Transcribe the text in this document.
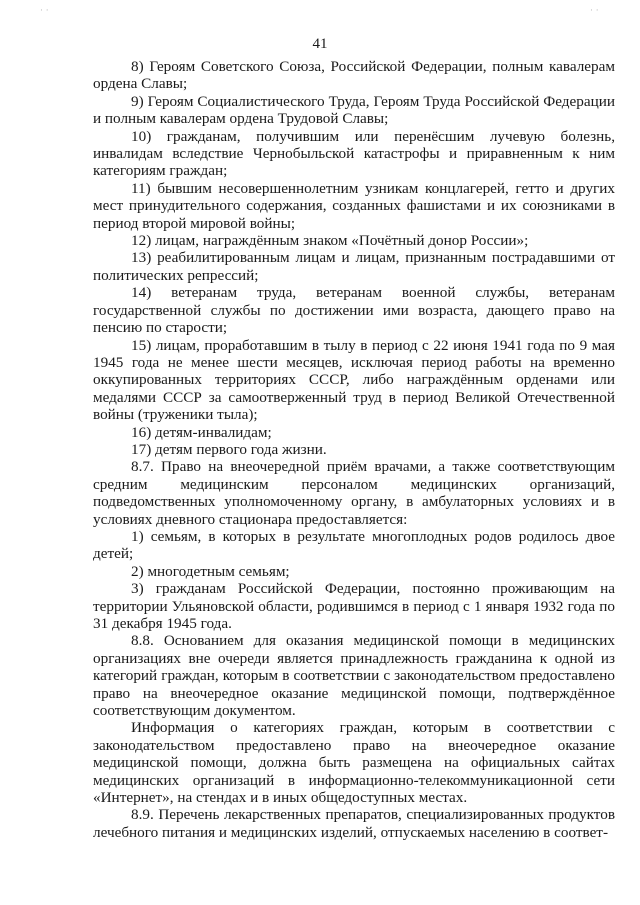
· ·	· ·
41

8) Героям Советского Союза, Российской Федерации, полным кавалерам ордена Славы;

9) Героям Социалистического Труда, Героям Труда Российской Федерации и полным кавалерам ордена Трудовой Славы;

10) гражданам, получившим или перенёсшим лучевую болезнь, инвалидам вследствие Чернобыльской катастрофы и приравненным к ним категориям граждан;

11) бывшим несовершеннолетним узникам концлагерей, гетто и других мест принудительного содержания, созданных фашистами и их союзниками в период второй мировой войны;

12) лицам, награждённым знаком «Почётный донор России»;

13) реабилитированным лицам и лицам, признанным пострадавшими от политических репрессий;

14) ветеранам труда, ветеранам военной службы, ветеранам государственной службы по достижении ими возраста, дающего право на пенсию по старости;

15) лицам, проработавшим в тылу в период с 22 июня 1941 года по 9 мая 1945 года не менее шести месяцев, исключая период работы на временно оккупированных территориях СССР, либо награждённым орденами или медалями СССР за самоотверженный труд в период Великой Отечественной войны (труженики тыла);

16) детям-инвалидам;

17) детям первого года жизни.

8.7. Право на внеочередной приём врачами, а также соответствующим средним медицинским персоналом медицинских организаций, подведомственных уполномоченному органу, в амбулаторных условиях и в условиях дневного стационара предоставляется:

1) семьям, в которых в результате многоплодных родов родилось двое детей;

2) многодетным семьям;

3) гражданам Российской Федерации, постоянно проживающим на территории Ульяновской области, родившимся в период с 1 января 1932 года по 31 декабря 1945 года.

8.8. Основанием для оказания медицинской помощи в медицинских организациях вне очереди является принадлежность гражданина к одной из категорий граждан, которым в соответствии с законодательством предоставлено право на внеочередное оказание медицинской помощи, подтверждённое соответствующим документом.

Информация о категориях граждан, которым в соответствии с законодательством предоставлено право на внеочередное оказание медицинской помощи, должна быть размещена на официальных сайтах медицинских организаций в информационно-телекоммуникационной сети «Интернет», на стендах и в иных общедоступных местах.

8.9. Перечень лекарственных препаратов, специализированных продуктов лечебного питания и медицинских изделий, отпускаемых населению в соответ-
